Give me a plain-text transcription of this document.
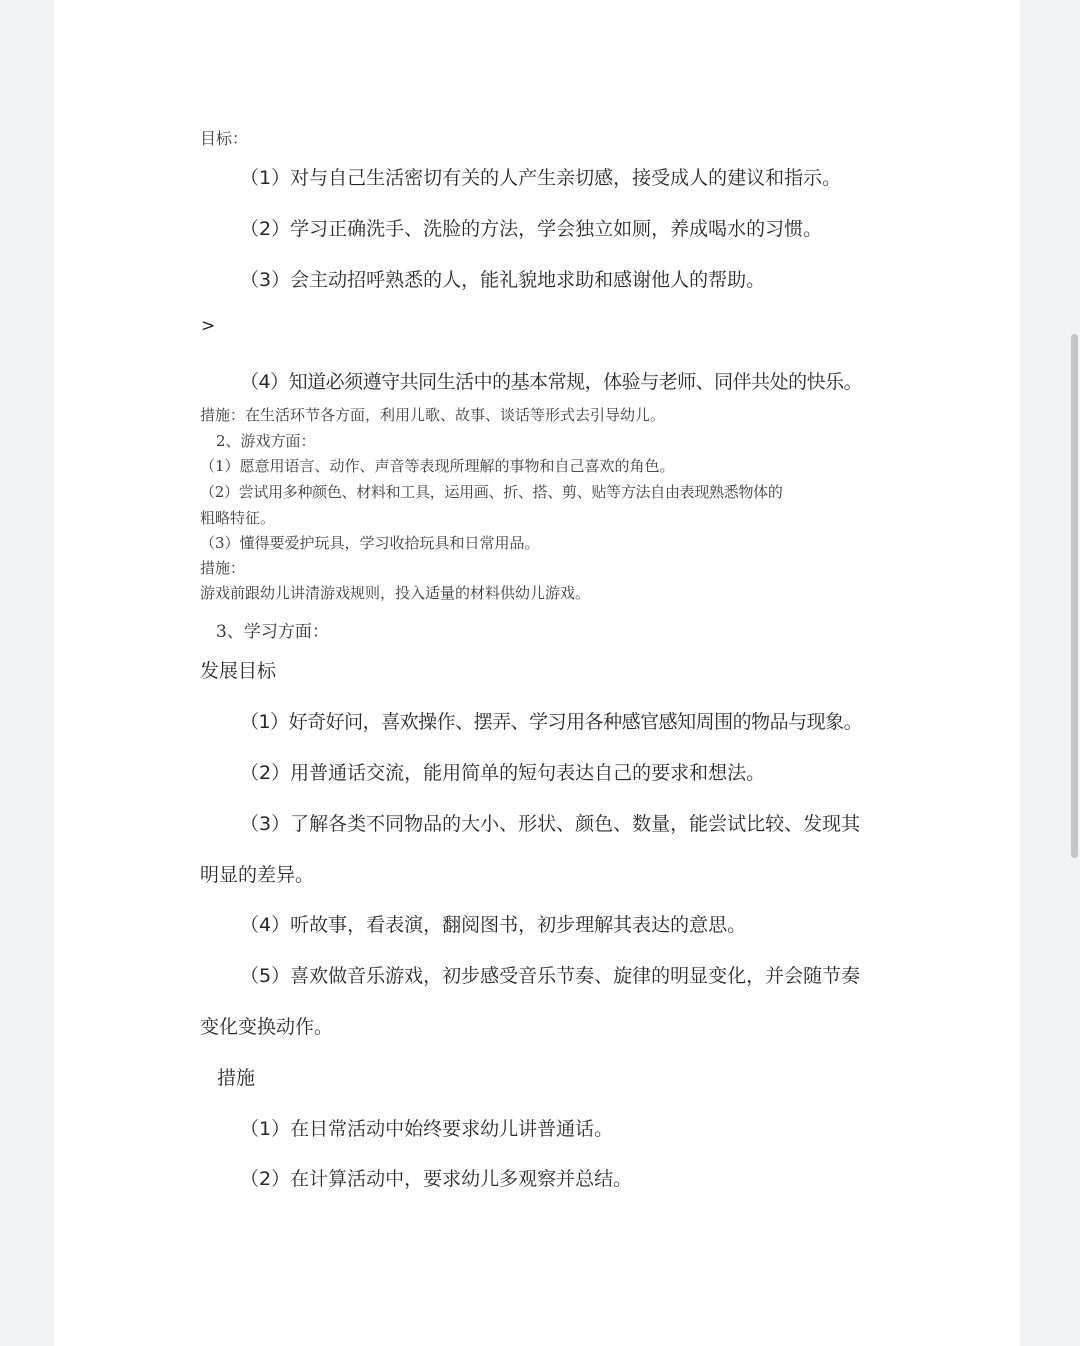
目标：
（1）对与自己生活密切有关的人产生亲切感，接受成人的建议和指示。
（2）学习正确洗手、洗脸的方法，学会独立如厕，养成喝水的习惯。
（3）会主动招呼熟悉的人，能礼貌地求助和感谢他人的帮助。
>
（4）知道必须遵守共同生活中的基本常规，体验与老师、同伴共处的快乐。
措施：在生活环节各方面，利用儿歌、故事、谈话等形式去引导幼儿。
2、游戏方面：
（1）愿意用语言、动作、声音等表现所理解的事物和自己喜欢的角色。
（2）尝试用多种颜色、材料和工具，运用画、折、搭、剪、贴等方法自由表现熟悉物体的
粗略特征。
（3）懂得要爱护玩具，学习收拾玩具和日常用品。
措施：
游戏前跟幼儿讲清游戏规则，投入适量的材料供幼儿游戏。
3、学习方面：
发展目标
（1）好奇好问，喜欢操作、摆弄、学习用各种感官感知周围的物品与现象。
（2）用普通话交流，能用简单的短句表达自己的要求和想法。
（3）了解各类不同物品的大小、形状、颜色、数量，能尝试比较、发现其
明显的差异。
（4）听故事，看表演，翻阅图书，初步理解其表达的意思。
（5）喜欢做音乐游戏，初步感受音乐节奏、旋律的明显变化，并会随节奏
变化变换动作。
措施
（1）在日常活动中始终要求幼儿讲普通话。
（2）在计算活动中，要求幼儿多观察并总结。
